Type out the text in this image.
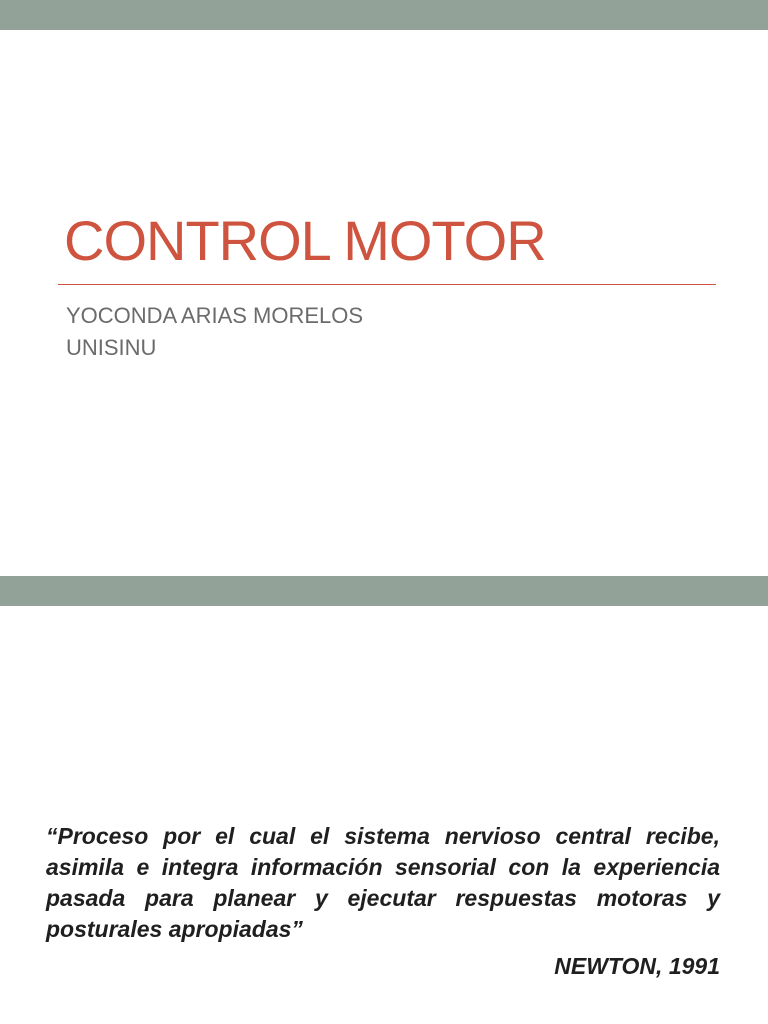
CONTROL MOTOR
YOCONDA ARIAS MORELOS
UNISINU

“Proceso por el cual el sistema nervioso central recibe, asimila e integra información sensorial con la experiencia pasada para planear y ejecutar respuestas motoras y posturales apropiadas”

NEWTON, 1991
